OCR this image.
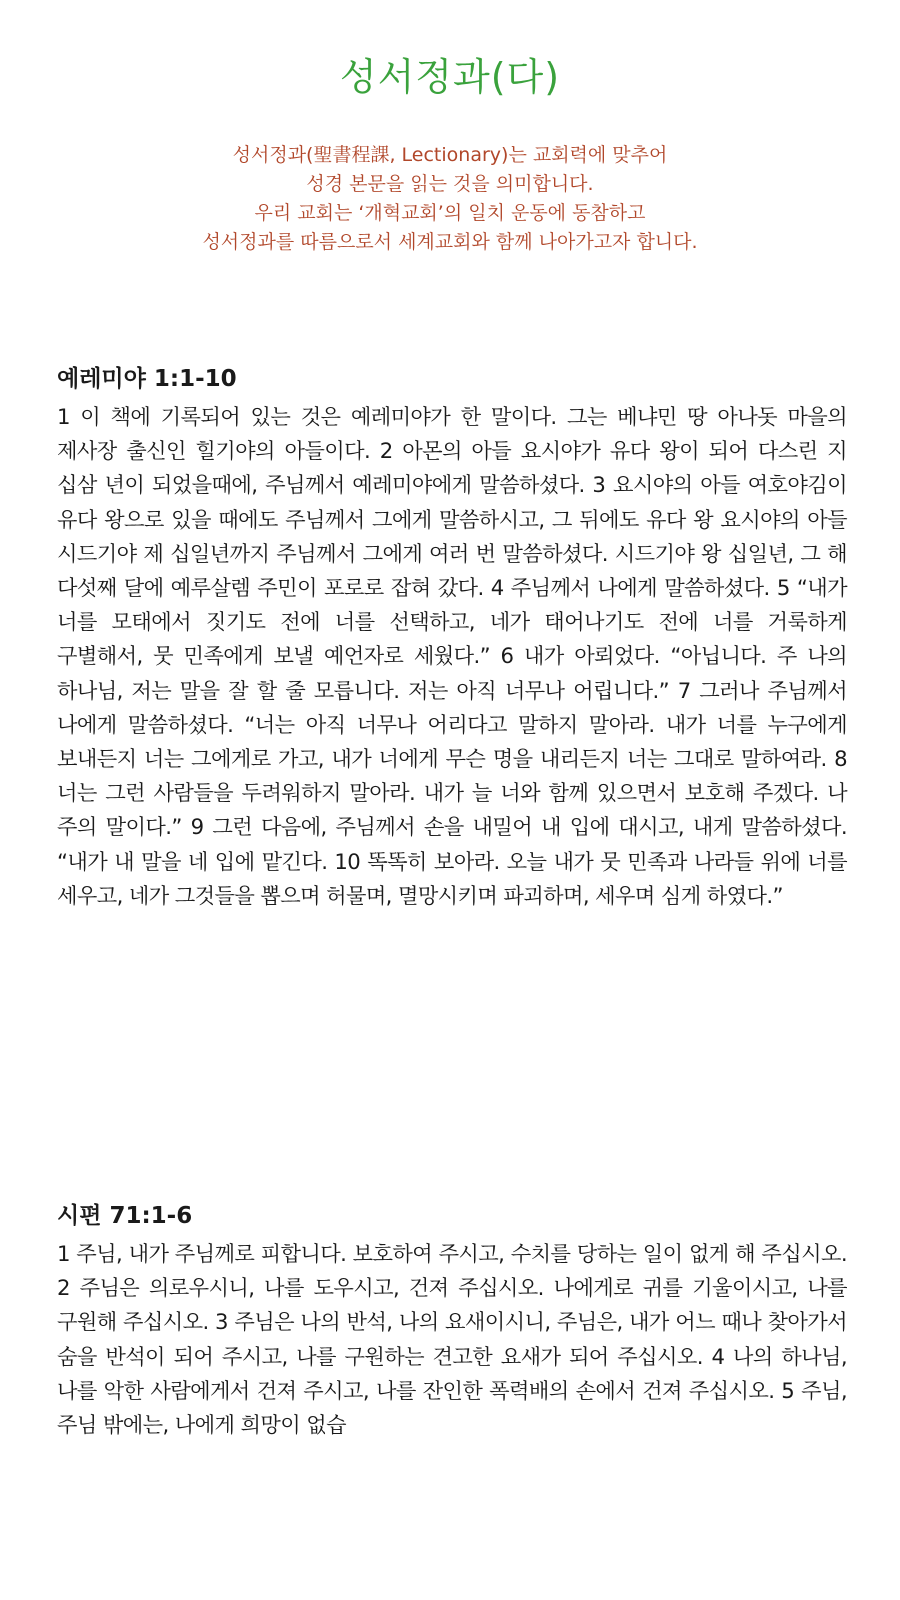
성서정과(다)
성서정과(聖書程課, Lectionary)는 교회력에 맞추어
성경 본문을 읽는 것을 의미합니다.
우리 교회는 ‘개혁교회’의 일치 운동에 동참하고
성서정과를 따름으로서 세계교회와 함께 나아가고자 합니다.
예레미야 1:1-10

1 이 책에 기록되어 있는 것은 예레미야가 한 말이다. 그는 베냐민 땅 아나돗 마을의 제사장 출신인 힐기야의 아들이다. 2 아몬의 아들 요시야가 유다 왕이 되어 다스린 지 십삼 년이 되었을때에, 주님께서 예레미야에게 말씀하셨다. 3 요시야의 아들 여호야김이 유다 왕으로 있을 때에도 주님께서 그에게 말씀하시고, 그 뒤에도 유다 왕 요시야의 아들 시드기야 제 십일년까지 주님께서 그에게 여러 번 말씀하셨다. 시드기야 왕 십일년, 그 해 다섯째 달에 예루살렘 주민이 포로로 잡혀 갔다. 4 주님께서 나에게 말씀하셨다. 5 “내가 너를 모태에서 짓기도 전에 너를 선택하고, 네가 태어나기도 전에 너를 거룩하게 구별해서, 뭇 민족에게 보낼 예언자로 세웠다.” 6 내가 아뢰었다. “아닙니다. 주 나의 하나님, 저는 말을 잘 할 줄 모릅니다. 저는 아직 너무나 어립니다.” 7 그러나 주님께서 나에게 말씀하셨다. “너는 아직 너무나 어리다고 말하지 말아라. 내가 너를 누구에게 보내든지 너는 그에게로 가고, 내가 너에게 무슨 명을 내리든지 너는 그대로 말하여라. 8 너는 그런 사람들을 두려워하지 말아라. 내가 늘 너와 함께 있으면서 보호해 주겠다. 나 주의 말이다.” 9 그런 다음에, 주님께서 손을 내밀어 내 입에 대시고, 내게 말씀하셨다. “내가 내 말을 네 입에 맡긴다. 10 똑똑히 보아라. 오늘 내가 뭇 민족과 나라들 위에 너를 세우고, 네가 그것들을 뽑으며 허물며, 멸망시키며 파괴하며, 세우며 심게 하였다.”

시편 71:1-6

1 주님, 내가 주님께로 피합니다. 보호하여 주시고, 수치를 당하는 일이 없게 해 주십시오. 2 주님은 의로우시니, 나를 도우시고, 건져 주십시오. 나에게로 귀를 기울이시고, 나를 구원해 주십시오. 3 주님은 나의 반석, 나의 요새이시니, 주님은, 내가 어느 때나 찾아가서 숨을 반석이 되어 주시고, 나를 구원하는 견고한 요새가 되어 주십시오. 4 나의 하나님, 나를 악한 사람에게서 건져 주시고, 나를 잔인한 폭력배의 손에서 건져 주십시오. 5 주님, 주님 밖에는, 나에게 희망이 없습
